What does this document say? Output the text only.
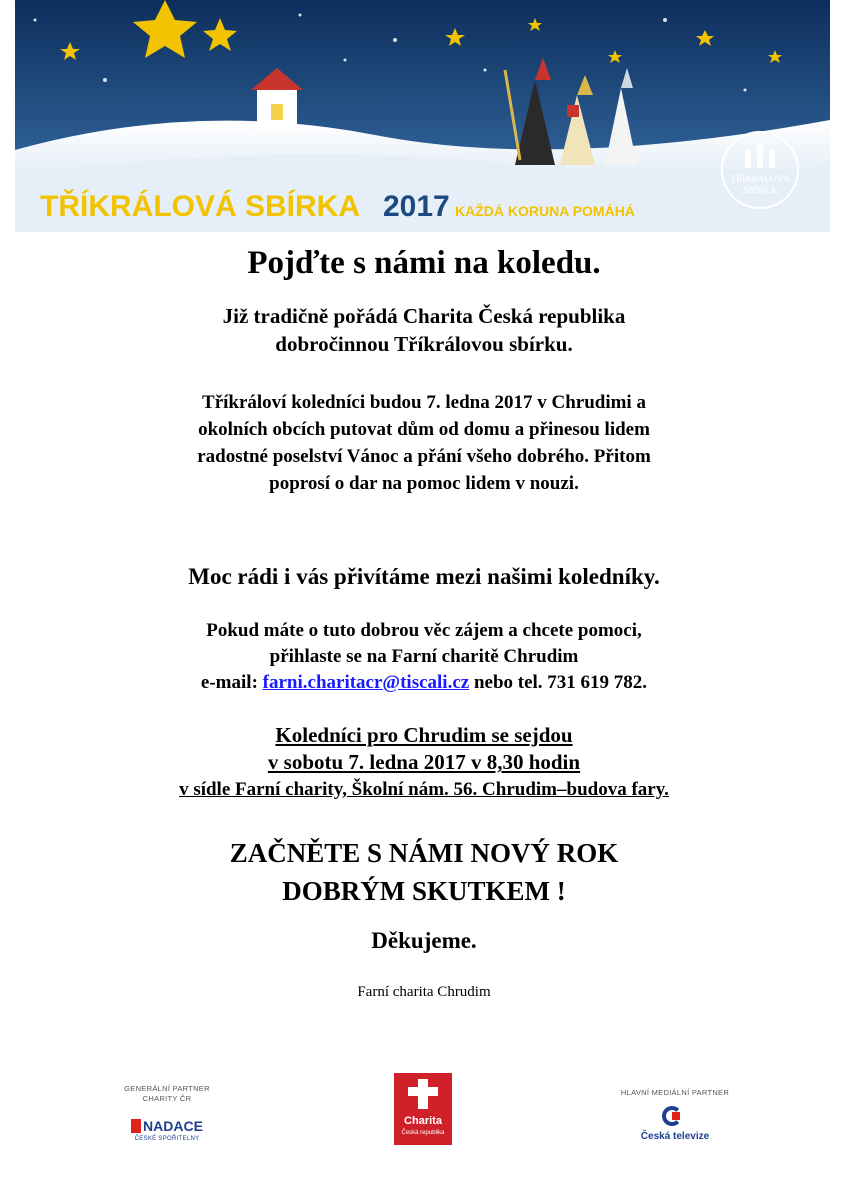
TŘÍKRÁLOVÁ
SBÍRKA
TŘÍKRÁLOVÁ SBÍRKA 2017 KAŽDÁ KORUNA POMÁHÁ
Pojďte s námi na koledu.
Již tradičně pořádá Charita Česká republika
dobročinnou Tříkrálovou sbírku.
Tříkráloví koledníci budou 7. ledna 2017 v Chrudimi a
okolních obcích putovat dům od domu a přinesou lidem
radostné poselství Vánoc a přání všeho dobrého. Přitom
poprosí o dar na pomoc lidem v nouzi.
Moc rádi i vás přivítáme mezi našimi koledníky.
Pokud máte o tuto dobrou věc zájem a chcete pomoci,
přihlaste se na Farní charitě Chrudim
e-mail: farni.charitacr@tiscali.cz nebo tel. 731 619 782.
Koledníci pro Chrudim se sejdou
v sobotu 7. ledna 2017 v 8,30 hodin
v sídle Farní charity, Školní nám. 56. Chrudim–budova fary.
ZAČNĚTE S NÁMI NOVÝ ROK
DOBRÝM SKUTKEM !
Děkujeme.
Farní charita Chrudim
GENERÁLNÍ PARTNER
CHARITY ČR
NADACE
ČESKÉ SPOŘITELNY
Charita
Česká republika
HLAVNÍ MEDIÁLNÍ PARTNER
Česká televize
